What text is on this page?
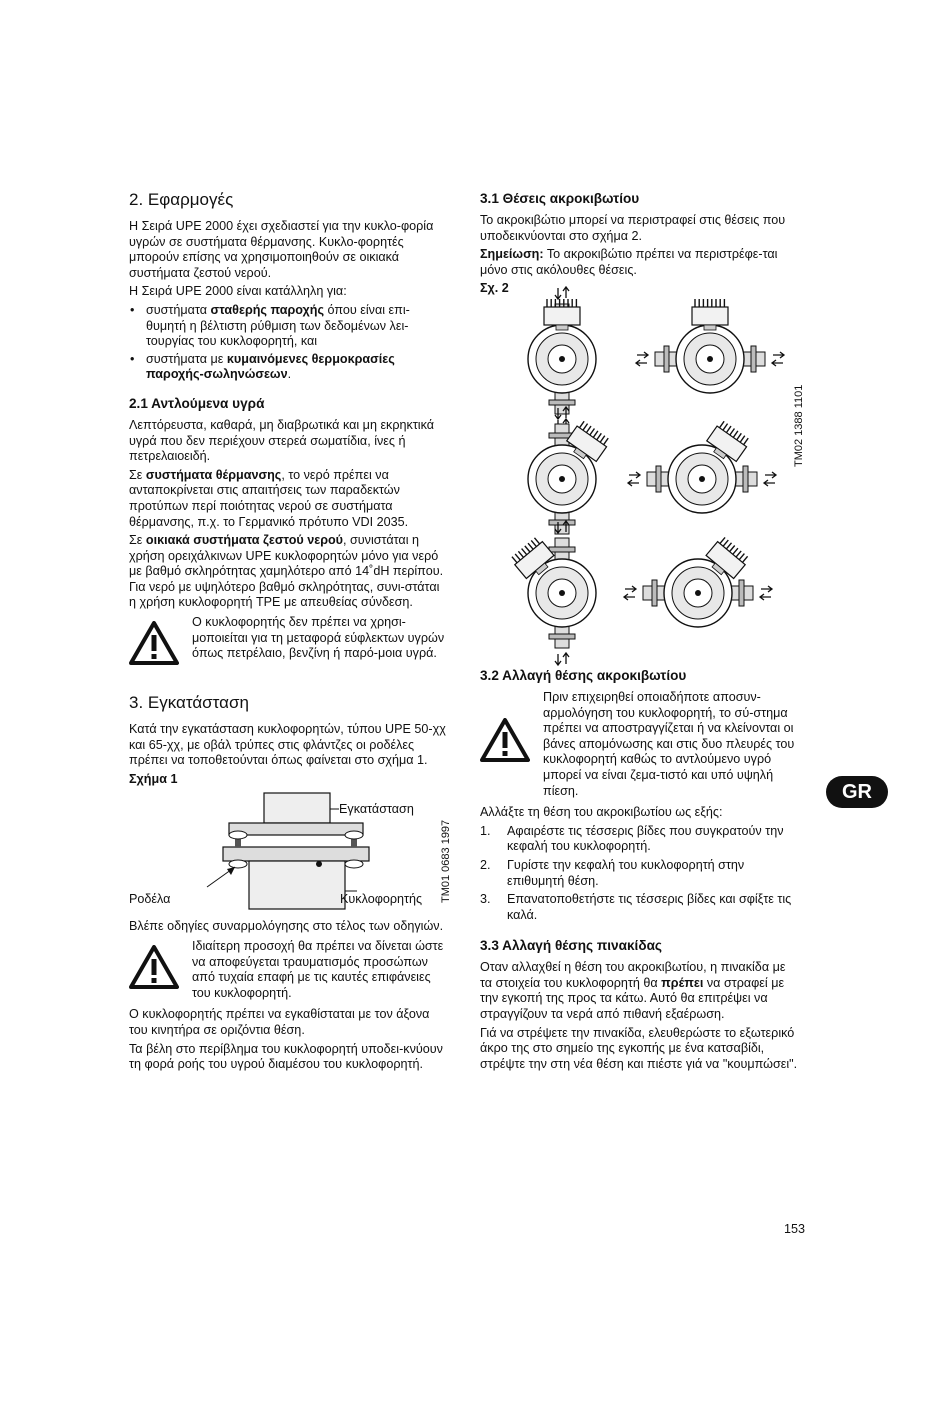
2. Εφαρμογές

Η Σειρά UPE 2000 έχει σχεδιαστεί για την κυκλο-φορία υγρών σε συστήματα θέρμανσης. Κυκλο-φορητές μπορούν επίσης να χρησιμοποιηθούν σε οικιακά συστήματα ζεστού νερού.

Η Σειρά UPE 2000 είναι κατάλληλη για:

• συστήματα σταθερής παροχής όπου είναι επι-θυμητή η βέλτιστη ρύθμιση των δεδομένων λει-τουργίας του κυκλοφορητή, και
• συστήματα με κυμαινόμενες θερμοκρασίες παροχής-σωληνώσεων.
2.1 Αντλούμενα υγρά

Λεπτόρευστα, καθαρά, μη διαβρωτικά και μη εκρηκτικά υγρά που δεν περιέχουν στερεά σωματίδια, ίνες ή πετρελαιοειδή.

Σε συστήματα θέρμανσης, το νερό πρέπει να ανταποκρίνεται στις απαιτήσεις των παραδεκτών προτύπων περί ποιότητας νερού σε συστήματα θέρμανσης, π.χ. το Γερμανικό πρότυπο VDI 2035.

Σε οικιακά συστήματα ζεστού νερού, συνιστάται η χρήση ορειχάλκινων UPE κυκλοφορητών μόνο για νερό με βαθμό σκληρότητας χαμηλότερο από 14˚dH περίπου.

Για νερό με υψηλότερο βαθμό σκληρότητας, συνι-στάται η χρήση κυκλοφορητή TPE με απευθείας σύνδεση.

Ο κυκλοφορητής δεν πρέπει να χρησι-μοποιείται για τη μεταφορά εύφλεκτων υγρών όπως πετρέλαιο, βενζίνη ή παρό-μοια υγρά.
3. Εγκατάσταση

Κατά την εγκατάσταση κυκλοφορητών, τύπου UPE 50-χχ και 65-χχ, με οβάλ τρύπες στις φλάντζες οι ροδέλες πρέπει να τοποθετούνται όπως φαίνεται στο σχήμα 1.

Σχήμα 1
Εγκατάσταση
Ροδέλα	Κυκλοφορητής TM01 0683 1997

Βλέπε οδηγίες συναρμολόγησης στο τέλος των οδηγιών.

Ιδιαίτερη προσοχή θα πρέπει να δίνεται ώστε να αποφεύγεται τραυματισμός προσώπων από τυχαία επαφή με τις καυτές επιφάνειες του κυκλοφορητή.

Ο κυκλοφορητής πρέπει να εγκαθίσταται με τον άξονα του κινητήρα σε οριζόντια θέση.

Τα βέλη στο περίβλημα του κυκλοφορητή υποδει-κνύουν τη φορά ροής του υγρού διαμέσου του κυκλοφορητή.

3.1 Θέσεις ακροκιβωτίου

Το ακροκιβώτιο μπορεί να περιστραφεί στις θέσεις που υποδεικνύονται στο σχήμα 2.

Σημείωση: Το ακροκιβώτιο πρέπει να περιστρέφε-ται μόνο στις ακόλουθες θέσεις.

Σχ. 2
TM02 1388 1101
3.2 Αλλαγή θέσης ακροκιβωτίου
Πριν επιχειρηθεί οποιαδήποτε αποσυν-αρμολόγηση του κυκλοφορητή, το σύ-στημα πρέπει να αποστραγγίζεται ή να κλείνονται οι βάνες απομόνωσης και στις δυο πλευρές του κυκλοφορητή καθώς το αντλούμενο υγρό μπορεί να είναι ζεμα-τιστό και υπό υψηλή πίεση.

Αλλάξτε τη θέση του ακροκιβωτίου ως εξής:

1. Αφαιρέστε τις τέσσερις βίδες που συγκρατούν την κεφαλή του κυκλοφορητή.
2. Γυρίστε την κεφαλή του κυκλοφορητή στην επιθυμητή θέση.
3. Επανατοποθετήστε τις τέσσερις βίδες και σφίξτε τις καλά.
3.3 Αλλαγή θέσης πινακίδας

Οταν αλλαχθεί η θέση του ακροκιβωτίου, η πινακίδα με τα στοιχεία του κυκλοφορητή θα πρέπει να στραφεί με την εγκοπή της προς τα κάτω. Αυτό θα επιτρέψει να στραγγίζουν τα νερά από πιθανή εξαέρωση.

Γιά να στρέψετε την πινακίδα, ελευθερώστε το εξωτερικό άκρο της στο σημείο της εγκοπής με ένα κατσαβίδι, στρέψτε την στη νέα θέση και πιέστε γιά να "κουμπώσει".

GR
153
